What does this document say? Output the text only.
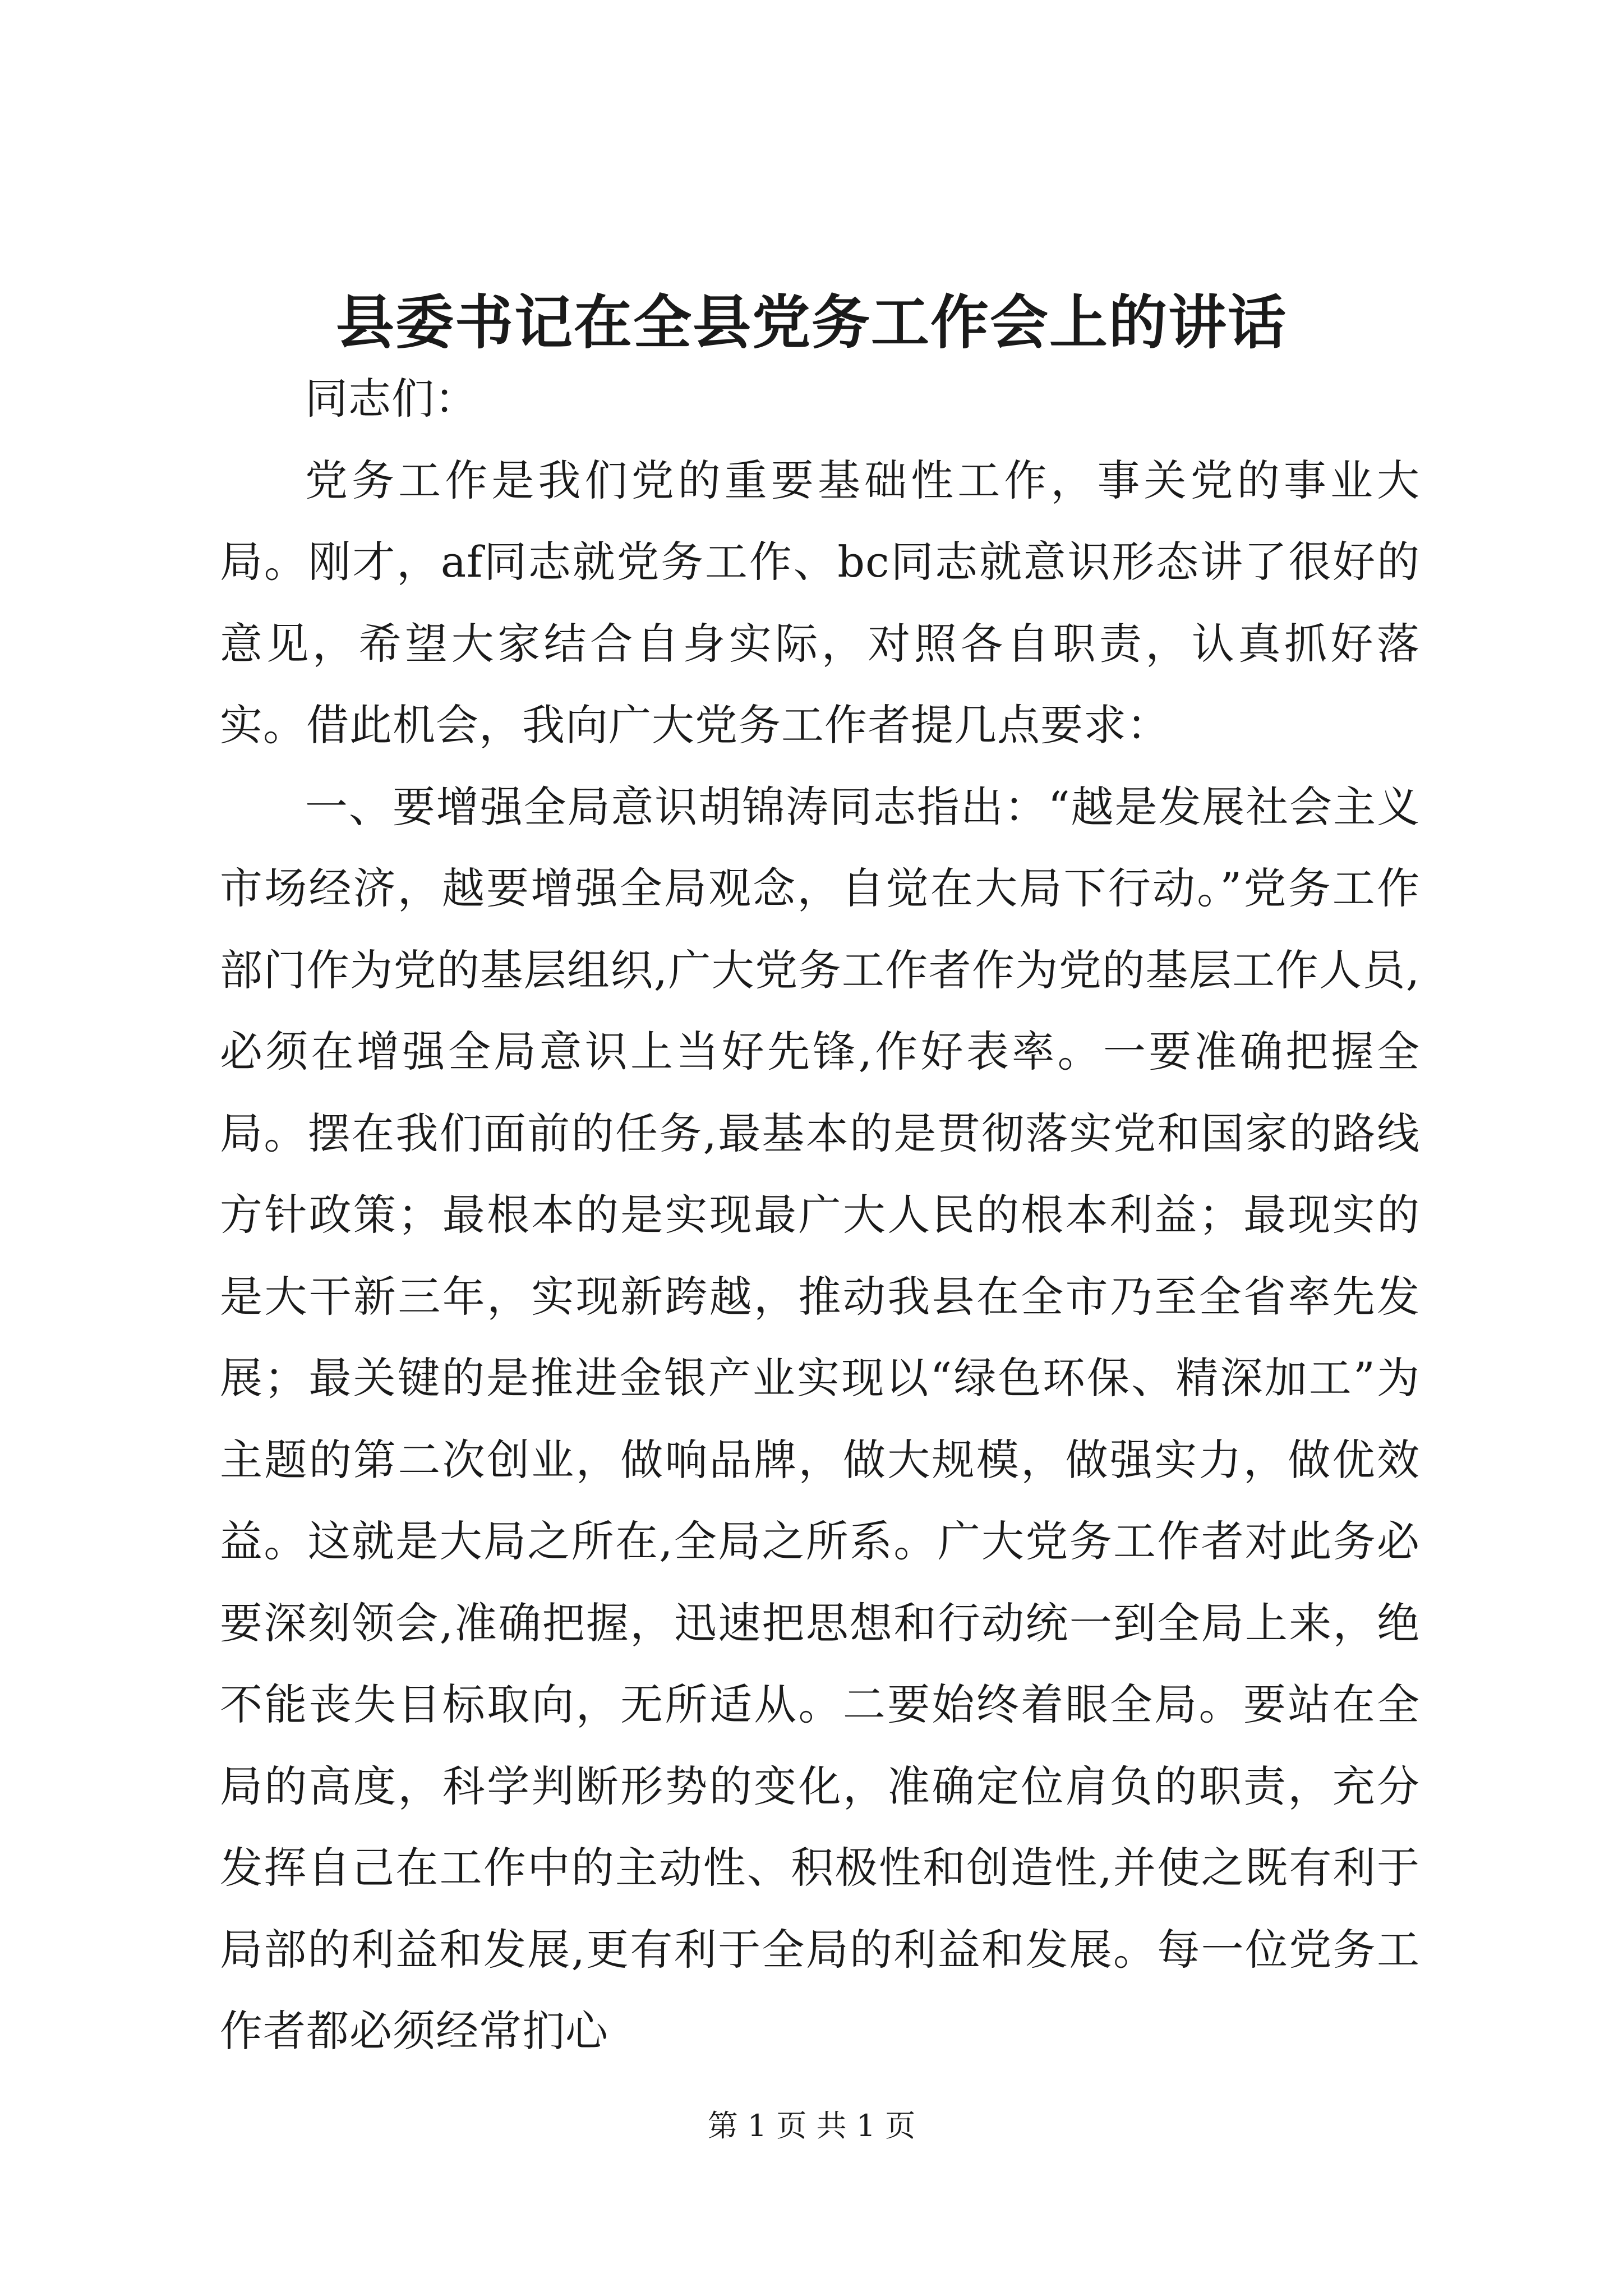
县委书记在全县党务工作会上的讲话

同志们：

党务工作是我们党的重要基础性工作，事关党的事业大局。刚才，af同志就党务工作、bc同志就意识形态讲了很好的意见，希望大家结合自身实际，对照各自职责，认真抓好落实。借此机会，我向广大党务工作者提几点要求：

一、要增强全局意识胡锦涛同志指出：“越是发展社会主义市场经济，越要增强全局观念，自觉在大局下行动。”党务工作部门作为党的基层组织,广大党务工作者作为党的基层工作人员,必须在增强全局意识上当好先锋,作好表率。一要准确把握全局。摆在我们面前的任务,最基本的是贯彻落实党和国家的路线方针政策；最根本的是实现最广大人民的根本利益；最现实的是大干新三年，实现新跨越，推动我县在全市乃至全省率先发展；最关键的是推进金银产业实现以“绿色环保、精深加工”为主题的第二次创业，做响品牌，做大规模，做强实力，做优效益。这就是大局之所在,全局之所系。广大党务工作者对此务必要深刻领会,准确把握，迅速把思想和行动统一到全局上来，绝不能丧失目标取向，无所适从。二要始终着眼全局。要站在全局的高度，科学判断形势的变化，准确定位肩负的职责，充分发挥自己在工作中的主动性、积极性和创造性,并使之既有利于局部的利益和发展,更有利于全局的利益和发展。每一位党务工作者都必须经常扪心

第 1 页 共 1 页
